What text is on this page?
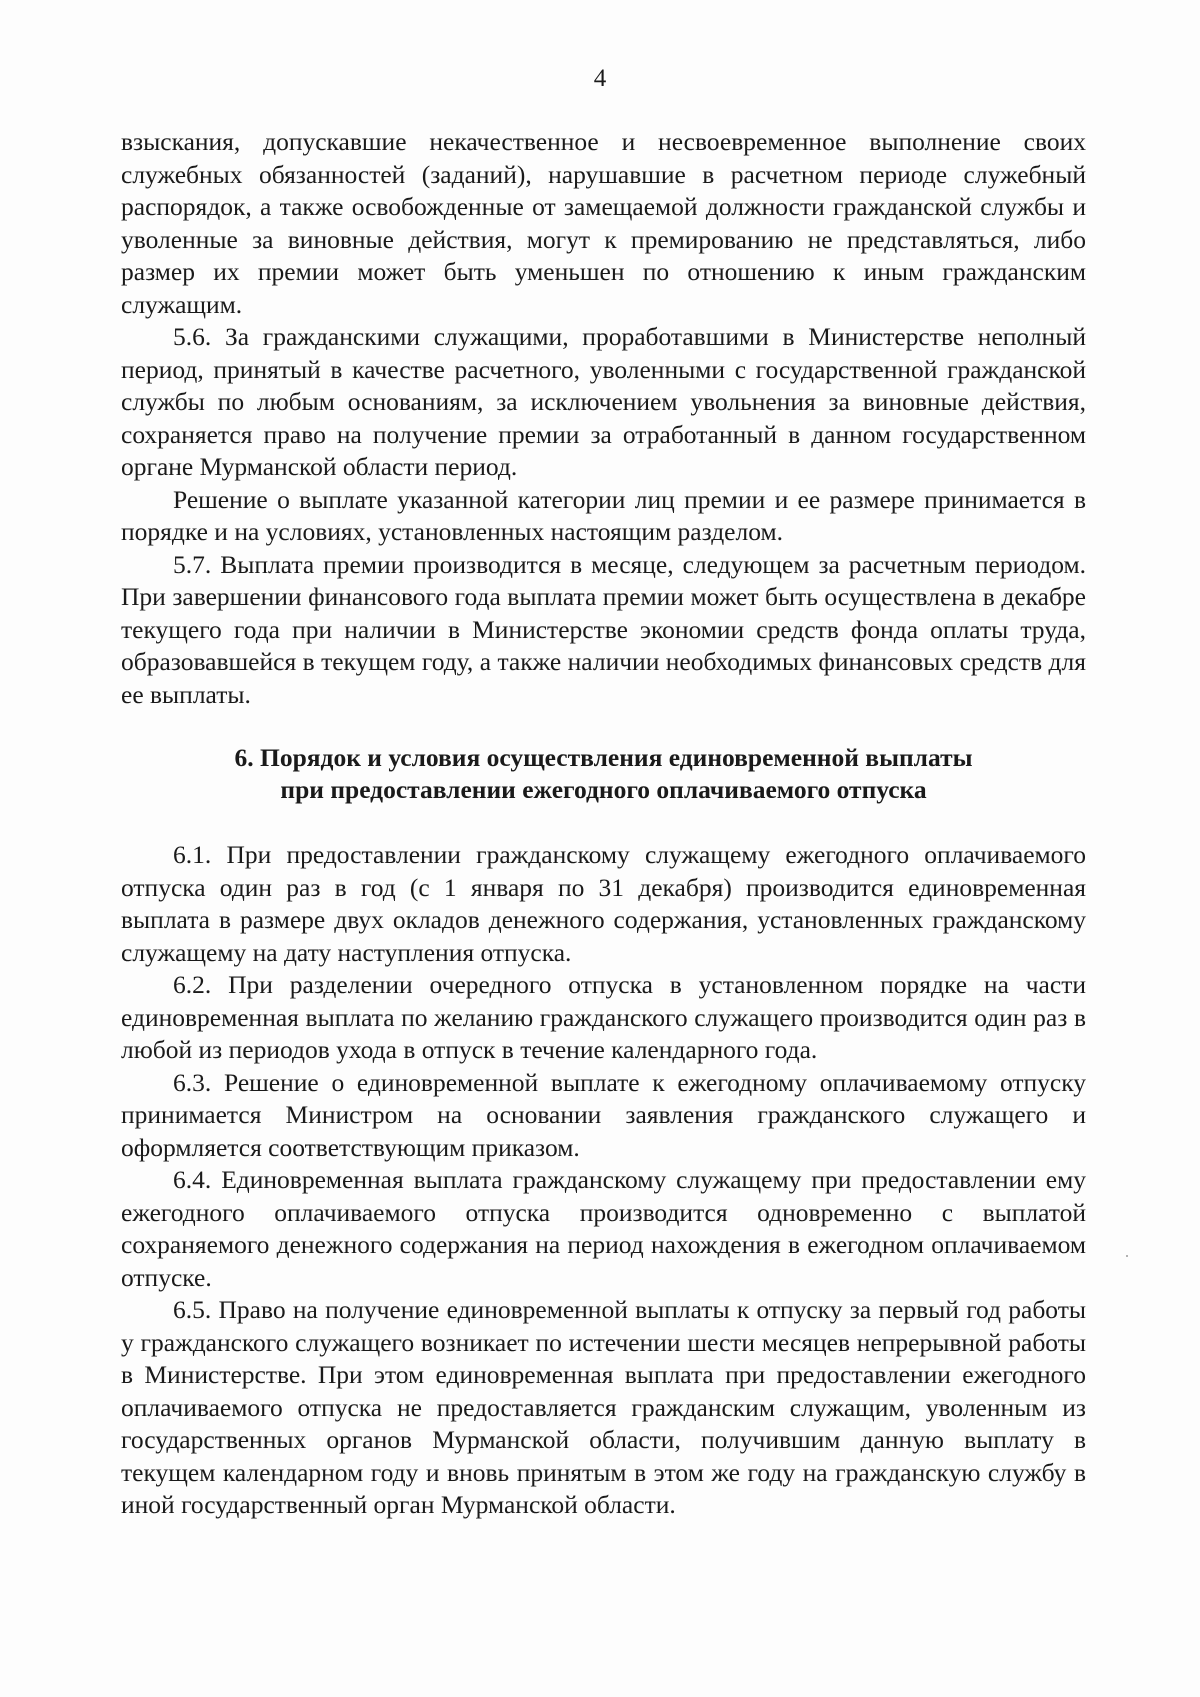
4

взыскания, допускавшие некачественное и несвоевременное выполнение своих служебных обязанностей (заданий), нарушавшие в расчетном периоде служебный распорядок, а также освобожденные от замещаемой должности гражданской службы и уволенные за виновные действия, могут к премированию не представляться, либо размер их премии может быть уменьшен по отношению к иным гражданским служащим.

5.6. За гражданскими служащими, проработавшими в Министерстве неполный период, принятый в качестве расчетного, уволенными с государственной гражданской службы по любым основаниям, за исключением увольнения за виновные действия, сохраняется право на получение премии за отработанный в данном государственном органе Мурманской области период.

Решение о выплате указанной категории лиц премии и ее размере принимается в порядке и на условиях, установленных настоящим разделом.

5.7. Выплата премии производится в месяце, следующем за расчетным периодом. При завершении финансового года выплата премии может быть осуществлена в декабре текущего года при наличии в Министерстве экономии средств фонда оплаты труда, образовавшейся в текущем году, а также наличии необходимых финансовых средств для ее выплаты.

6. Порядок и условия осуществления единовременной выплаты
при предоставлении ежегодного оплачиваемого отпуска

6.1. При предоставлении гражданскому служащему ежегодного оплачиваемого отпуска один раз в год (с 1 января по 31 декабря) производится единовременная выплата в размере двух окладов денежного содержания, установленных гражданскому служащему на дату наступления отпуска.

6.2. При разделении очередного отпуска в установленном порядке на части единовременная выплата по желанию гражданского служащего производится один раз в любой из периодов ухода в отпуск в течение календарного года.

6.3. Решение о единовременной выплате к ежегодному оплачиваемому отпуску принимается Министром на основании заявления гражданского служащего и оформляется соответствующим приказом.

6.4. Единовременная выплата гражданскому служащему при предоставлении ему ежегодного оплачиваемого отпуска производится одновременно с выплатой сохраняемого денежного содержания на период нахождения в ежегодном оплачиваемом отпуске.

6.5. Право на получение единовременной выплаты к отпуску за первый год работы у гражданского служащего возникает по истечении шести месяцев непрерывной работы в Министерстве. При этом единовременная выплата при предоставлении ежегодного оплачиваемого отпуска не предоставляется гражданским служащим, уволенным из государственных органов Мурманской области, получившим данную выплату в текущем календарном году и вновь принятым в этом же году на гражданскую службу в иной государственный орган Мурманской области.
